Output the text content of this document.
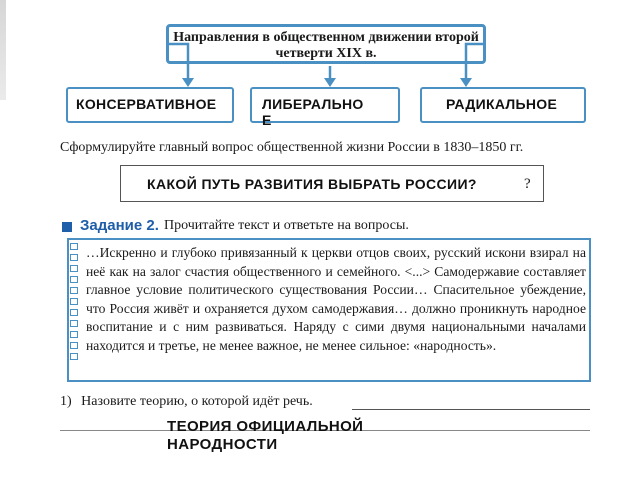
Направления в общественном движении второй четверти XIX в.
КОНСЕРВАТИВНОЕ	ЛИБЕРАЛЬНОЕ
РАДИКАЛЬНОЕ
Сформулируйте главный вопрос общественной жизни России в 1830–1850 гг.
КАКОЙ ПУТЬ РАЗВИТИЯ ВЫБРАТЬ РОССИИ?	?
Задание 2. Прочитайте текст и ответьте на вопросы.
…Искренно и глубоко привязанный к церкви отцов своих, русский искони взирал на неё как на залог счастия общественного и семейного. <...> Самодержавие составляет главное условие политического существования России… Спасительное убеждение, что Россия живёт и охраняется духом самодержавия… должно проникнуть народное воспитание и с ним развиваться. Наряду с сими двумя национальными началами находится и третье, не менее важное, не менее сильное: «народность».
1) Назовите теорию, о которой идёт речь.
ТЕОРИЯ ОФИЦИАЛЬНОЙ НАРОДНОСТИ
